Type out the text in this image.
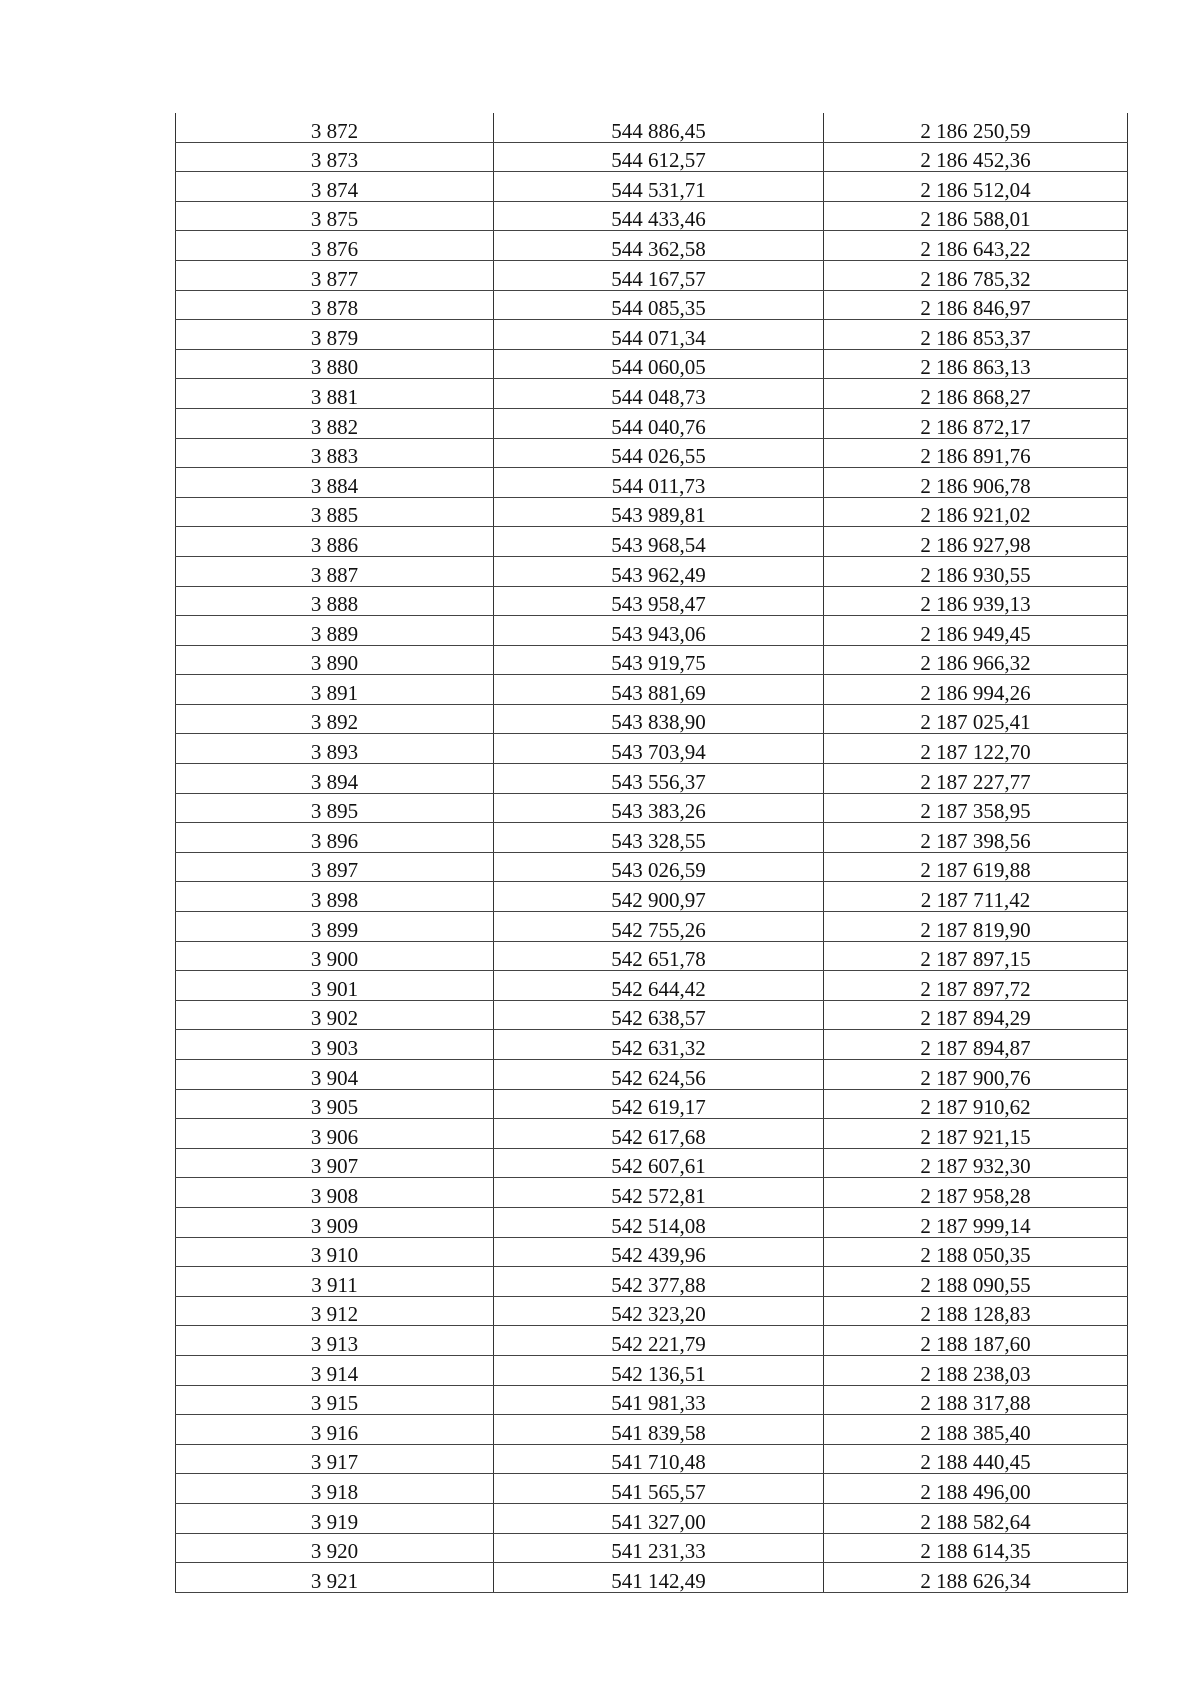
3 872	544 886,45	2 186 250,59
3 873	544 612,57	2 186 452,36
3 874	544 531,71	2 186 512,04
3 875	544 433,46	2 186 588,01
3 876	544 362,58	2 186 643,22
3 877	544 167,57	2 186 785,32
3 878	544 085,35	2 186 846,97
3 879	544 071,34	2 186 853,37
3 880	544 060,05	2 186 863,13
3 881	544 048,73	2 186 868,27
3 882	544 040,76	2 186 872,17
3 883	544 026,55	2 186 891,76
3 884	544 011,73	2 186 906,78
3 885	543 989,81	2 186 921,02
3 886	543 968,54	2 186 927,98
3 887	543 962,49	2 186 930,55
3 888	543 958,47	2 186 939,13
3 889	543 943,06	2 186 949,45
3 890	543 919,75	2 186 966,32
3 891	543 881,69	2 186 994,26
3 892	543 838,90	2 187 025,41
3 893	543 703,94	2 187 122,70
3 894	543 556,37	2 187 227,77
3 895	543 383,26	2 187 358,95
3 896	543 328,55	2 187 398,56
3 897	543 026,59	2 187 619,88
3 898	542 900,97	2 187 711,42
3 899	542 755,26	2 187 819,90
3 900	542 651,78	2 187 897,15
3 901	542 644,42	2 187 897,72
3 902	542 638,57	2 187 894,29
3 903	542 631,32	2 187 894,87
3 904	542 624,56	2 187 900,76
3 905	542 619,17	2 187 910,62
3 906	542 617,68	2 187 921,15
3 907	542 607,61	2 187 932,30
3 908	542 572,81	2 187 958,28
3 909	542 514,08	2 187 999,14
3 910	542 439,96	2 188 050,35
3 911	542 377,88	2 188 090,55
3 912	542 323,20	2 188 128,83
3 913	542 221,79	2 188 187,60
3 914	542 136,51	2 188 238,03
3 915	541 981,33	2 188 317,88
3 916	541 839,58	2 188 385,40
3 917	541 710,48	2 188 440,45
3 918	541 565,57	2 188 496,00
3 919	541 327,00	2 188 582,64
3 920	541 231,33	2 188 614,35
3 921	541 142,49	2 188 626,34
